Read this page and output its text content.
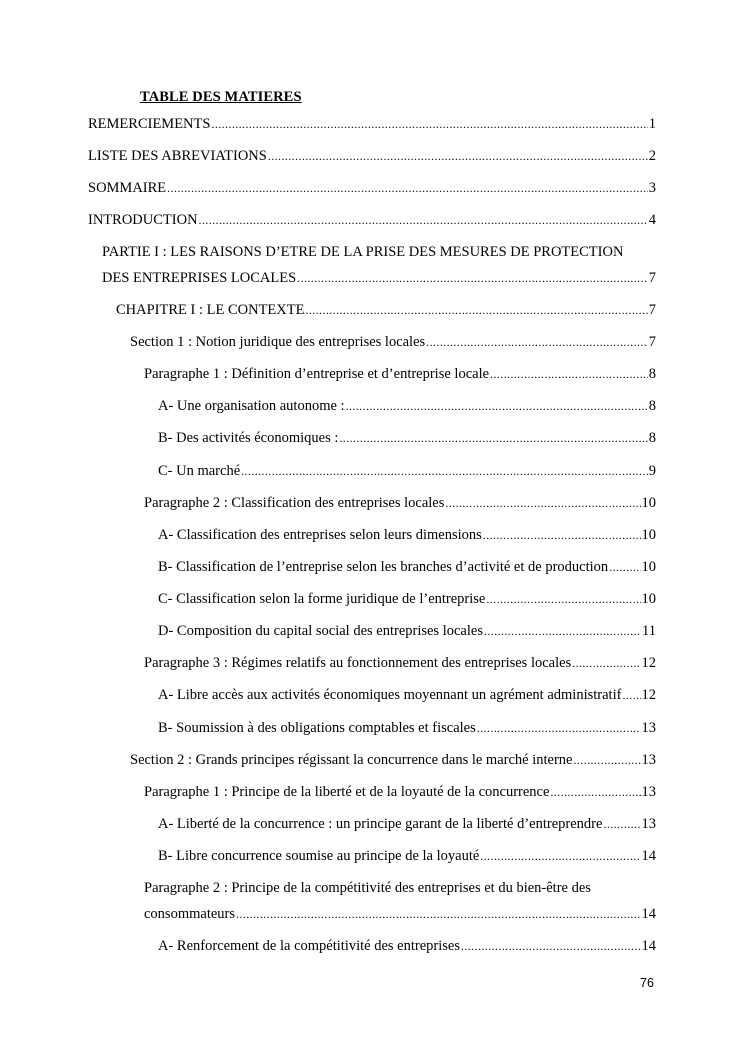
TABLE DES MATIERES
REMERCIEMENTS .....	1
LISTE DES ABREVIATIONS .....	2
SOMMAIRE .....	3
INTRODUCTION .....	4
PARTIE I : LES RAISONS D’ETRE DE LA PRISE DES MESURES DE PROTECTION
DES ENTREPRISES LOCALES .....	7
CHAPITRE I : LE CONTEXTE .....	7
Section 1 : Notion juridique des entreprises locales .....	7
Paragraphe 1 : Définition d’entreprise et d’entreprise locale .....	8
A- Une organisation autonome : .....	8
B- Des activités économiques : .....	8
C- Un marché .....	9
Paragraphe 2 : Classification des entreprises locales .....	10
A- Classification des entreprises selon leurs dimensions .....	10
B- Classification de l’entreprise selon les branches d’activité et de production ..... 10
C- Classification selon la forme juridique de l’entreprise .....	10
D- Composition du capital social des entreprises locales .....	11
Paragraphe 3 : Régimes relatifs au fonctionnement des entreprises locales .....	12
A- Libre accès aux activités économiques moyennant un agrément administratif ..... 12
B- Soumission à des obligations comptables et fiscales .....	13
Section 2 : Grands principes régissant la concurrence dans le marché interne .....	13
Paragraphe 1 : Principe de la liberté et de la loyauté de la concurrence .....	13
A- Liberté de la concurrence : un principe garant de la liberté d’entreprendre .....	13
B- Libre concurrence soumise au principe de la loyauté .....	14
Paragraphe 2 : Principe de la compétitivité des entreprises et du bien-être des
consommateurs .....	14
A- Renforcement de la compétitivité des entreprises .....	14
76
